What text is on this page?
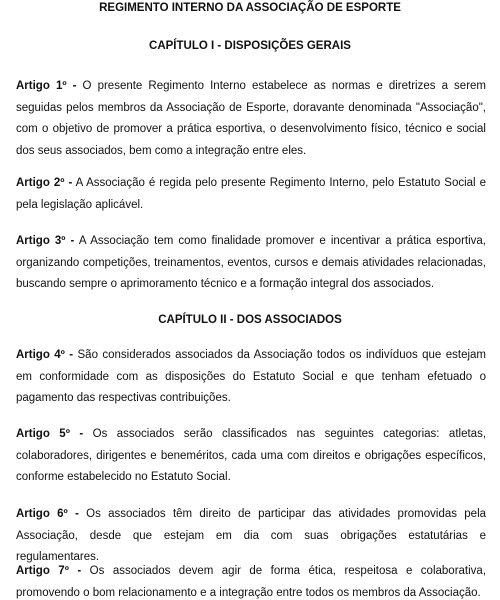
REGIMENTO INTERNO DA ASSOCIAÇÃO DE ESPORTE
CAPÍTULO I - DISPOSIÇÕES GERAIS
Artigo 1º - O presente Regimento Interno estabelece as normas e diretrizes a serem seguidas pelos membros da Associação de Esporte, doravante denominada "Associação", com o objetivo de promover a prática esportiva, o desenvolvimento físico, técnico e social dos seus associados, bem como a integração entre eles.
Artigo 2º - A Associação é regida pelo presente Regimento Interno, pelo Estatuto Social e pela legislação aplicável.
Artigo 3º - A Associação tem como finalidade promover e incentivar a prática esportiva, organizando competições, treinamentos, eventos, cursos e demais atividades relacionadas, buscando sempre o aprimoramento técnico e a formação integral dos associados.
CAPÍTULO II - DOS ASSOCIADOS
Artigo 4º - São considerados associados da Associação todos os indivíduos que estejam em conformidade com as disposições do Estatuto Social e que tenham efetuado o pagamento das respectivas contribuições.
Artigo 5º - Os associados serão classificados nas seguintes categorias: atletas, colaboradores, dirigentes e beneméritos, cada uma com direitos e obrigações específicos, conforme estabelecido no Estatuto Social.
Artigo 6º - Os associados têm direito de participar das atividades promovidas pela Associação, desde que estejam em dia com suas obrigações estatutárias e regulamentares.
Artigo 7º - Os associados devem agir de forma ética, respeitosa e colaborativa, promovendo o bom relacionamento e a integração entre todos os membros da Associação.
